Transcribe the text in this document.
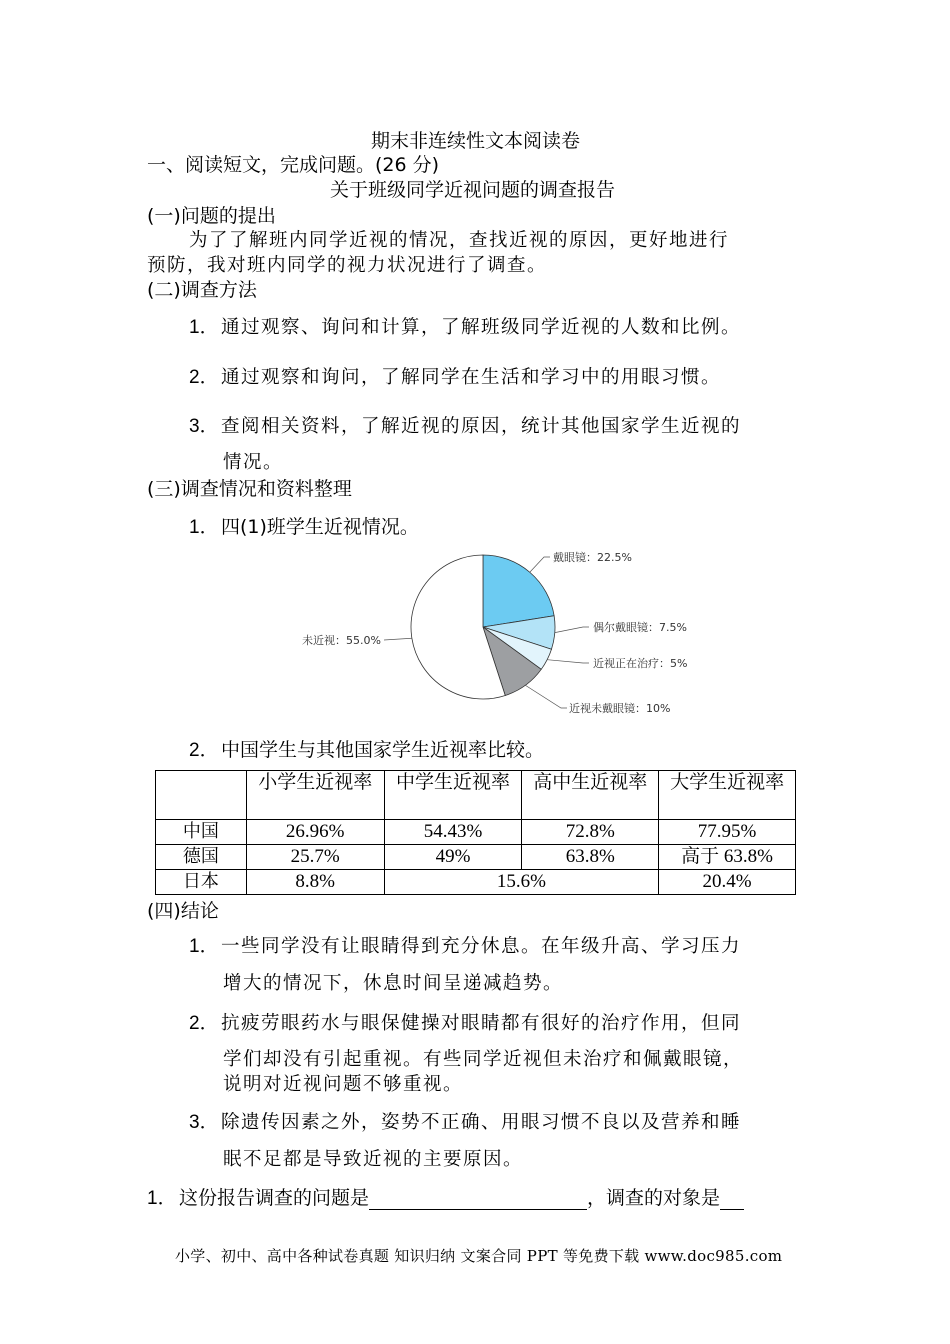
期末非连续性文本阅读卷
一、阅读短文，完成问题。(26 分)
关于班级同学近视问题的调查报告
(一)问题的提出
为了了解班内同学近视的情况，查找近视的原因，更好地进行
预防，我对班内同学的视力状况进行了调查。
(二)调查方法
1． 通过观察、询问和计算，了解班级同学近视的人数和比例。
2． 通过观察和询问，了解同学在生活和学习中的用眼习惯。
3． 查阅相关资料，了解近视的原因，统计其他国家学生近视的
情况。
(三)调查情况和资料整理
1． 四(1)班学生近视情况。
戴眼镜：22.5%
偶尔戴眼镜：7.5%
近视正在治疗：5%
近视未戴眼镜：10%
未近视：55.0%
2． 中国学生与其他国家学生近视率比较。
	小学生近视率	中学生近视率	高中生近视率	大学生近视率
中国	26.96%	54.43%	72.8%	77.95%
德国	25.7%	49%	63.8%	高于 63.8%
日本	8.8%	15.6%		20.4%
(四)结论
1． 一些同学没有让眼睛得到充分休息。在年级升高、学习压力
增大的情况下，休息时间呈递减趋势。
2． 抗疲劳眼药水与眼保健操对眼睛都有很好的治疗作用，但同
学们却没有引起重视。有些同学近视但未治疗和佩戴眼镜，
说明对近视问题不够重视。
3． 除遗传因素之外，姿势不正确、用眼习惯不良以及营养和睡
眠不足都是导致近视的主要原因。
1． 这份报告调查的问题是	，调查的对象是
小学、初中、高中各种试卷真题 知识归纳 文案合同 PPT 等免费下载 www.doc985.com
